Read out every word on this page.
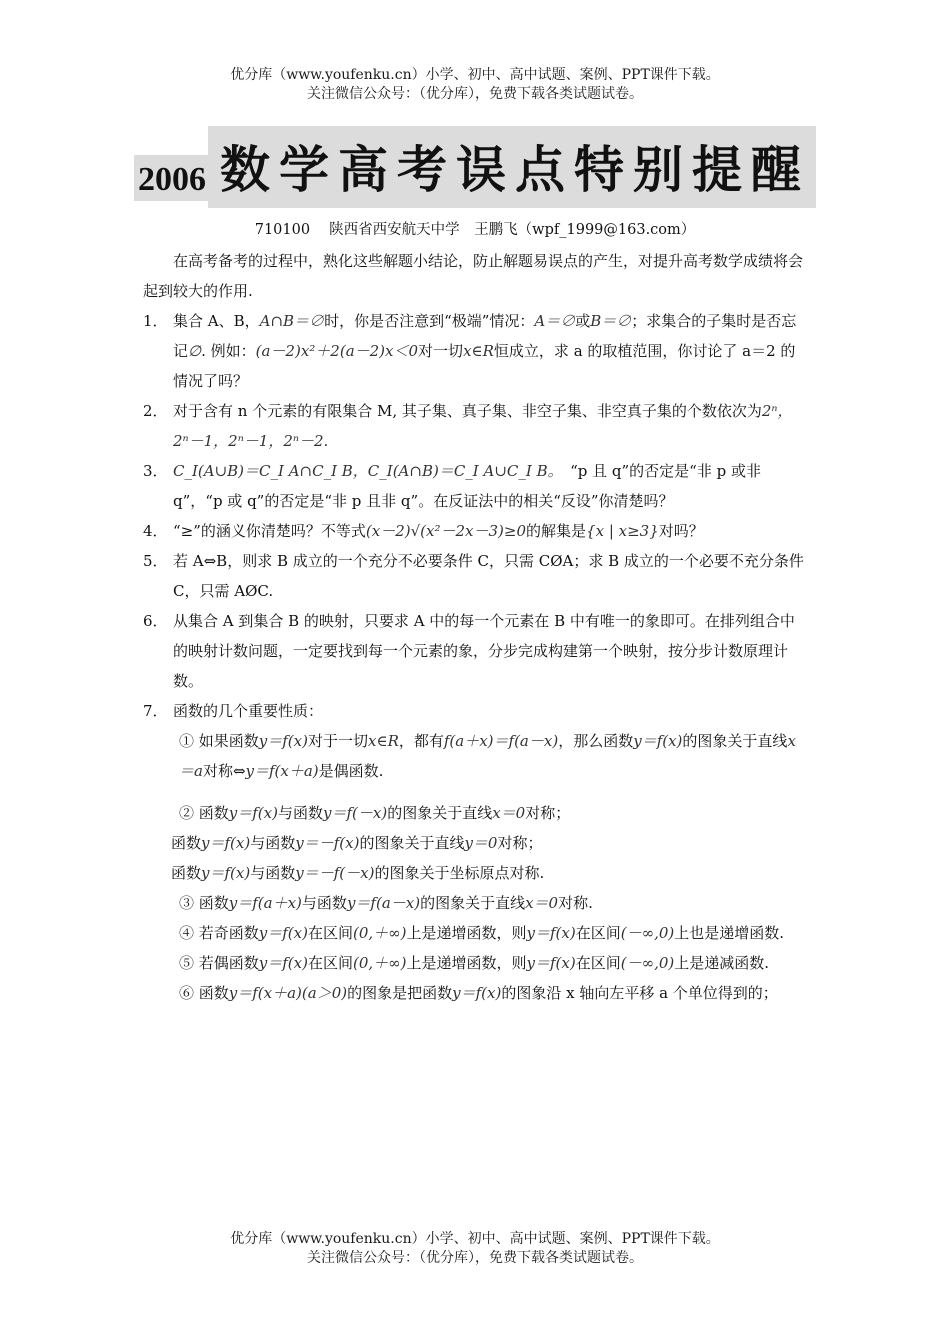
优分库（www.youfenku.cn）小学、初中、高中试题、案例、PPT课件下载。
关注微信公众号：（优分库），免费下载各类试题试卷。
2006 数学高考误点特别提醒
710100　 陕西省西安航天中学　王鹏飞（wpf_1999@163.com）

在高考备考的过程中，熟化这些解题小结论，防止解题易误点的产生，对提升高考数学成绩将会起到较大的作用.

1． 集合 A、B，A∩B＝∅时，你是否注意到“极端”情况：A＝∅或B＝∅；求集合的子集时是否忘记∅. 例如：(a－2)x²＋2(a－2)x＜0对一切x∈R恒成立，求 a 的取植范围，你讨论了 a＝2 的情况了吗？
2． 对于含有 n 个元素的有限集合 M, 其子集、真子集、非空子集、非空真子集的个数依次为2ⁿ，2ⁿ－1，2ⁿ－1，2ⁿ－2.
3． C_I(A∪B)＝C_I A∩C_I B，C_I(A∩B)＝C_I A∪C_I B。　 “p 且 q”的否定是“非 p 或非 q”，“p 或 q”的否定是“非 p 且非 q”。在反证法中的相关“反设”你清楚吗？
4． “≥”的涵义你清楚吗？不等式(x－2)√(x²－2x－3)≥0的解集是{x | x≥3}对吗？
5． 若 A⇔B，则求 B 成立的一个充分不必要条件 C，只需 CØA；求 B 成立的一个必要不充分条件 C，只需 AØC.
6． 从集合 A 到集合 B 的映射，只要求 A 中的每一个元素在 B 中有唯一的象即可。在排列组合中的映射计数问题，一定要找到每一个元素的象，分步完成构建第一个映射，按分步计数原理计数。
7． 函数的几个重要性质：

① 如果函数y＝f(x)对于一切x∈R，都有f(a＋x)＝f(a－x)，那么函数y＝f(x)的图象关于直线x＝a对称⇔y＝f(x＋a)是偶函数.

② 函数y＝f(x)与函数y＝f(－x)的图象关于直线x＝0对称；

函数y＝f(x)与函数y＝－f(x)的图象关于直线y＝0对称；

函数y＝f(x)与函数y＝－f(－x)的图象关于坐标原点对称.

③ 函数y＝f(a＋x)与函数y＝f(a－x)的图象关于直线x＝0对称.

④ 若奇函数y＝f(x)在区间(0,＋∞)上是递增函数，则y＝f(x)在区间(－∞,0)上也是递增函数.

⑤ 若偶函数y＝f(x)在区间(0,＋∞)上是递增函数，则y＝f(x)在区间(－∞,0)上是递减函数.

⑥ 函数y＝f(x＋a)(a＞0)的图象是把函数y＝f(x)的图象沿 x 轴向左平移 a 个单位得到的；

优分库（www.youfenku.cn）小学、初中、高中试题、案例、PPT课件下载。
关注微信公众号：（优分库），免费下载各类试题试卷。
